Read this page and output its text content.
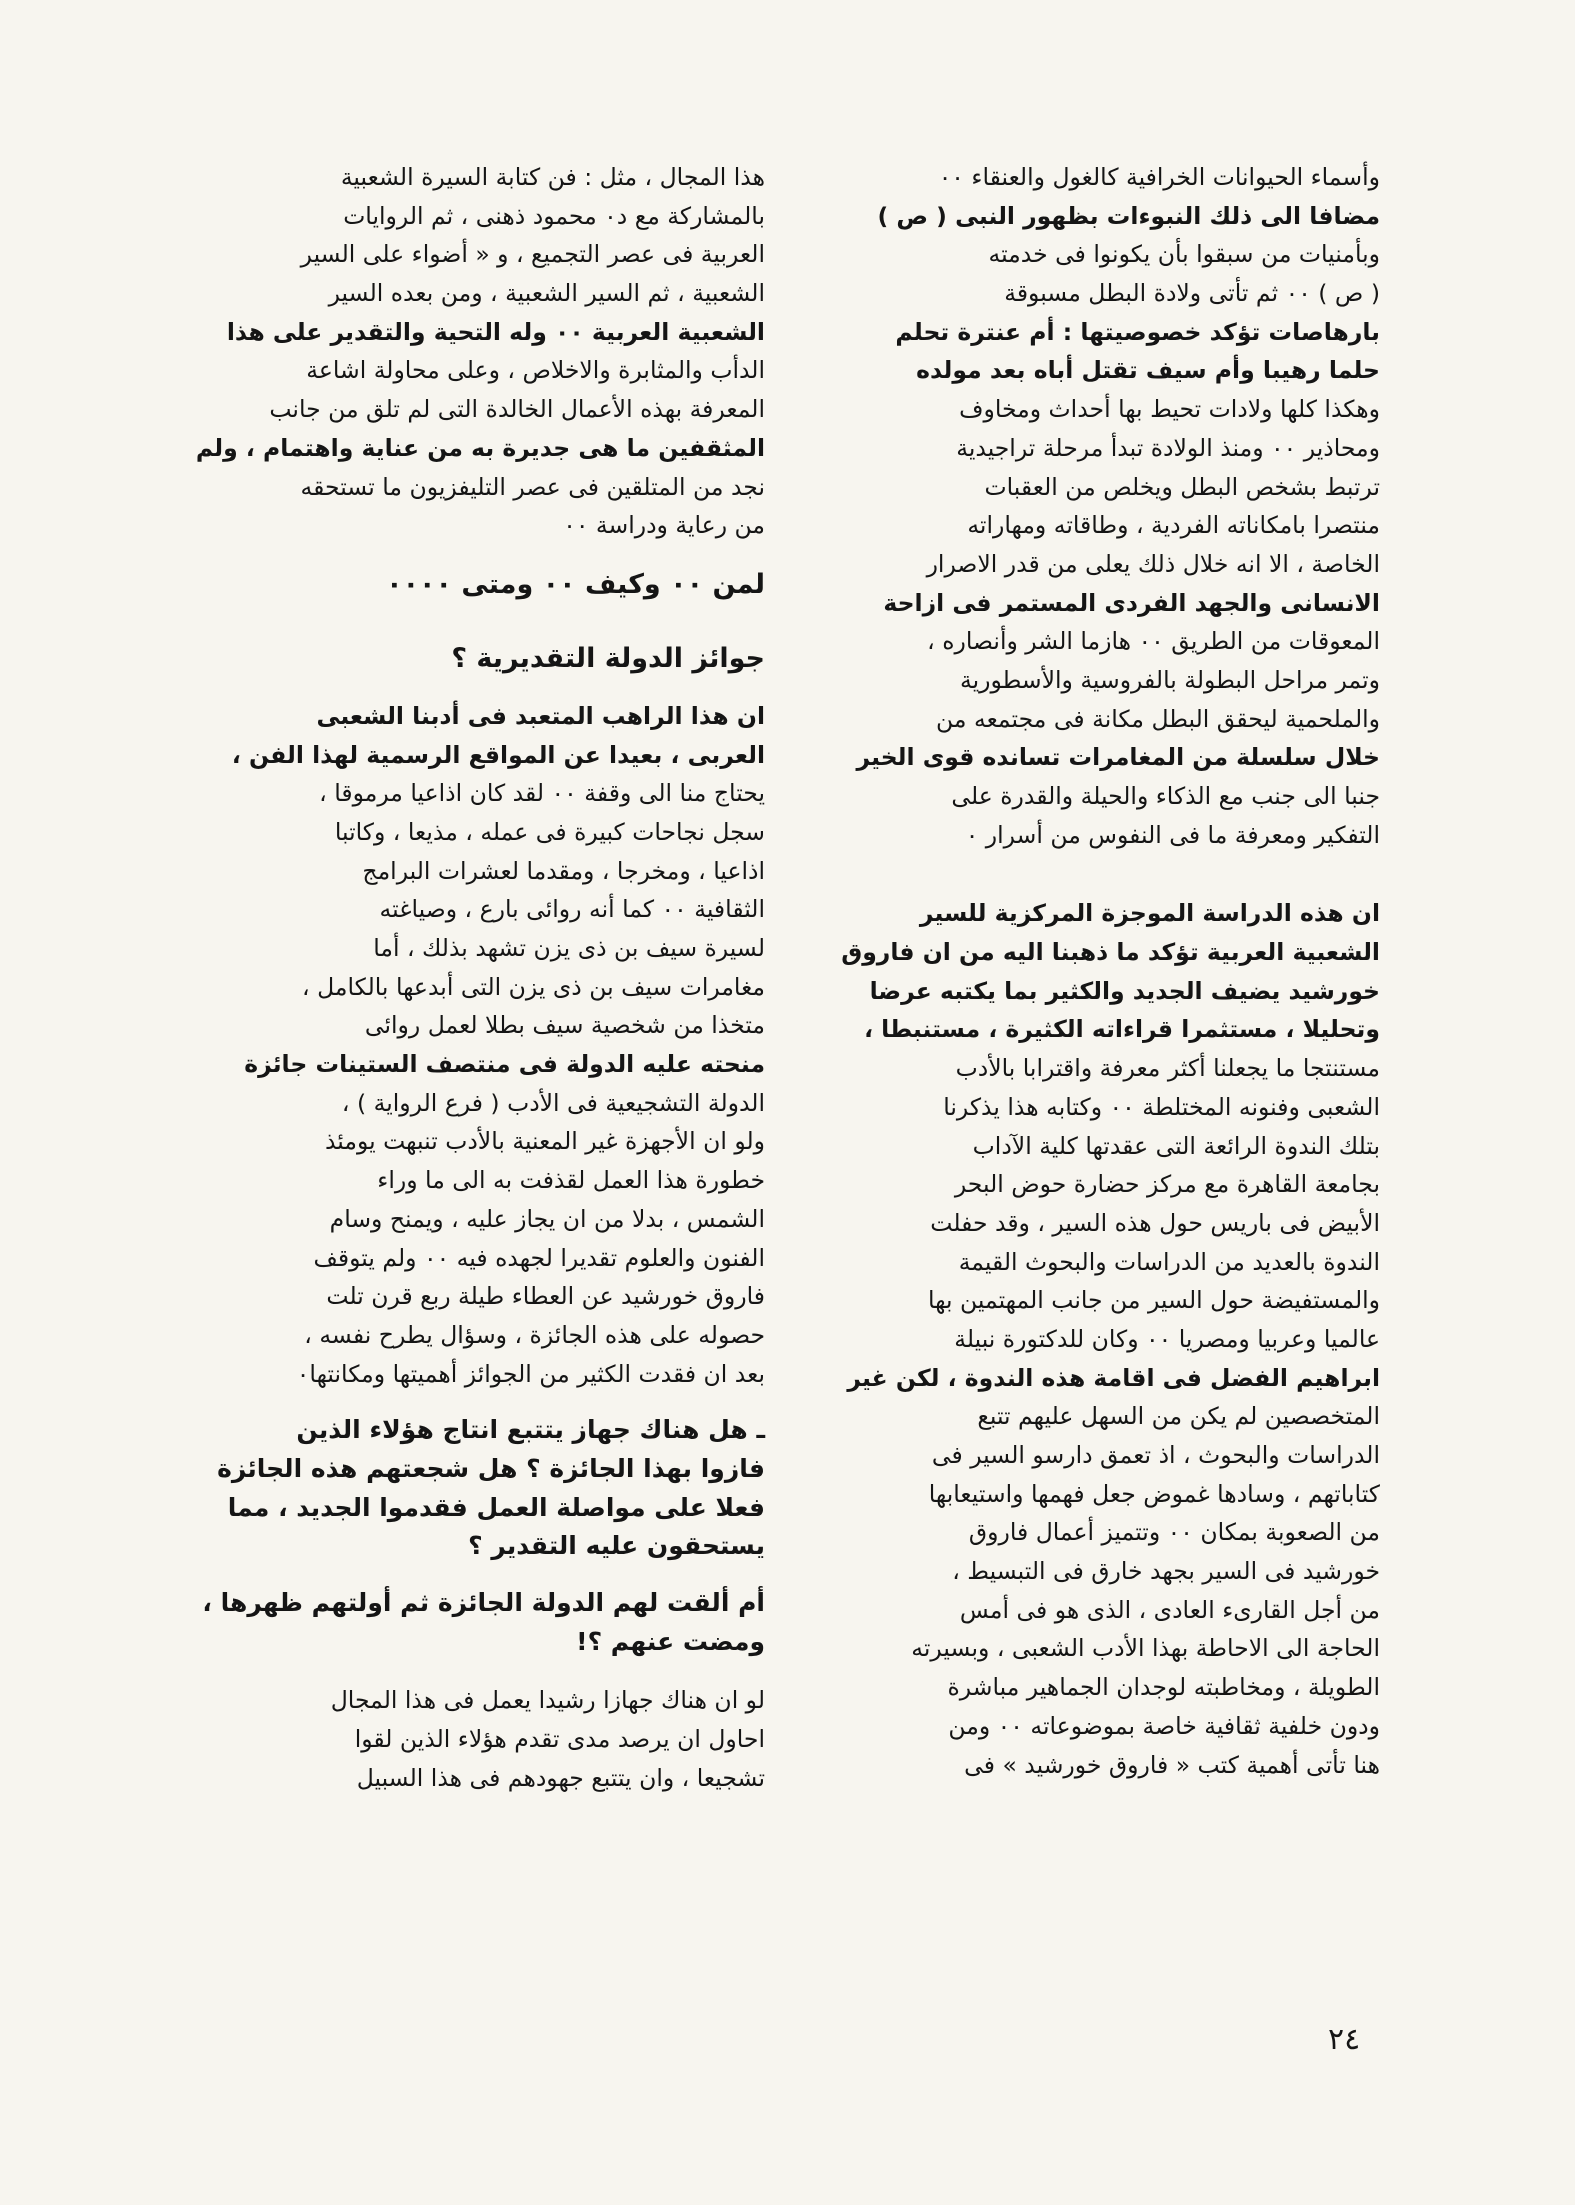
وأسماء الحيوانات الخرافية كالغول والعنقاء ٠٠
مضافا الى ذلك النبوءات بظهور النبى ( ص )
وبأمنيات من سبقوا بأن يكونوا فى خدمته
( ص ) ٠٠ ثم تأتى ولادة البطل مسبوقة
بارهاصات تؤكد خصوصيتها : أم عنترة تحلم
حلما رهيبا وأم سيف تقتل أباه بعد مولده
وهكذا كلها ولادات تحيط بها أحداث ومخاوف
ومحاذير ٠٠ ومنذ الولادة تبدأ مرحلة تراجيدية
ترتبط بشخص البطل ويخلص من العقبات
منتصرا بامكاناته الفردية ، وطاقاته ومهاراته
الخاصة ، الا انه خلال ذلك يعلى من قدر الاصرار
الانسانى والجهد الفردى المستمر فى ازاحة
المعوقات من الطريق ٠٠ هازما الشر وأنصاره ،
وتمر مراحل البطولة بالفروسية والأسطورية
والملحمية ليحقق البطل مكانة فى مجتمعه من
خلال سلسلة من المغامرات تسانده قوى الخير
جنبا الى جنب مع الذكاء والحيلة والقدرة على
التفكير ومعرفة ما فى النفوس من أسرار ٠
ان هذه الدراسة الموجزة المركزية للسير
الشعبية العربية تؤكد ما ذهبنا اليه من ان فاروق
خورشيد يضيف الجديد والكثير بما يكتبه عرضا
وتحليلا ، مستثمرا قراءاته الكثيرة ، مستنبطا ،
مستنتجا ما يجعلنا أكثر معرفة واقترابا بالأدب
الشعبى وفنونه المختلطة ٠٠ وكتابه هذا يذكرنا
بتلك الندوة الرائعة التى عقدتها كلية الآداب
بجامعة القاهرة مع مركز حضارة حوض البحر
الأبيض فى باريس حول هذه السير ، وقد حفلت
الندوة بالعديد من الدراسات والبحوث القيمة
والمستفيضة حول السير من جانب المهتمين بها
عالميا وعربيا ومصريا ٠٠ وكان للدكتورة نبيلة
ابراهيم الفضل فى اقامة هذه الندوة ، لكن غير
المتخصصين لم يكن من السهل عليهم تتبع
الدراسات والبحوث ، اذ تعمق دارسو السير فى
كتاباتهم ، وسادها غموض جعل فهمها واستيعابها
من الصعوبة بمكان ٠٠ وتتميز أعمال فاروق
خورشيد فى السير بجهد خارق فى التبسيط ،
من أجل القارىء العادى ، الذى هو فى أمس
الحاجة الى الاحاطة بهذا الأدب الشعبى ، وبسيرته
الطويلة ، ومخاطبته لوجدان الجماهير مباشرة
ودون خلفية ثقافية خاصة بموضوعاته ٠٠ ومن
هنا تأتى أهمية كتب « فاروق خورشيد » فى
هذا المجال ، مثل : فن كتابة السيرة الشعبية
بالمشاركة مع د٠ محمود ذهنى ، ثم الروايات
العربية فى عصر التجميع ، و « أضواء على السير
الشعبية ، ثم السير الشعبية ، ومن بعده السير
الشعبية العربية ٠٠ وله التحية والتقدير على هذا
الدأب والمثابرة والاخلاص ، وعلى محاولة اشاعة
المعرفة بهذه الأعمال الخالدة التى لم تلق من جانب
المثقفين ما هى جديرة به من عناية واهتمام ، ولم
نجد من المتلقين فى عصر التليفزيون ما تستحقه
من رعاية ودراسة ٠٠
لمن ٠٠ وكيف ٠٠ ومتى ٠٠٠٠
جوائز الدولة التقديرية ؟
ان هذا الراهب المتعبد فى أدبنا الشعبى
العربى ، بعيدا عن المواقع الرسمية لهذا الفن ،
يحتاج منا الى وقفة ٠٠ لقد كان اذاعيا مرموقا ،
سجل نجاحات كبيرة فى عمله ، مذيعا ، وكاتبا
اذاعيا ، ومخرجا ، ومقدما لعشرات البرامج
الثقافية ٠٠ كما أنه روائى بارع ، وصياغته
لسيرة سيف بن ذى يزن تشهد بذلك ، أما
مغامرات سيف بن ذى يزن التى أبدعها بالكامل ،
متخذا من شخصية سيف بطلا لعمل روائى
منحته عليه الدولة فى منتصف الستينات جائزة
الدولة التشجيعية فى الأدب ( فرع الرواية ) ،
ولو ان الأجهزة غير المعنية بالأدب تنبهت يومئذ
خطورة هذا العمل لقذفت به الى ما وراء
الشمس ، بدلا من ان يجاز عليه ، ويمنح وسام
الفنون والعلوم تقديرا لجهده فيه ٠٠ ولم يتوقف
فاروق خورشيد عن العطاء طيلة ربع قرن تلت
حصوله على هذه الجائزة ، وسؤال يطرح نفسه ،
بعد ان فقدت الكثير من الجوائز أهميتها ومكانتها٠
ـ هل هناك جهاز يتتبع انتاج هؤلاء الذين
فازوا بهذا الجائزة ؟ هل شجعتهم هذه الجائزة
فعلا على مواصلة العمل فقدموا الجديد ، مما
يستحقون عليه التقدير ؟
أم ألقت لهم الدولة الجائزة ثم أولتهم ظهرها ،
ومضت عنهم ؟!
لو ان هناك جهازا رشيدا يعمل فى هذا المجال
احاول ان يرصد مدى تقدم هؤلاء الذين لقوا
تشجيعا ، وان يتتبع جهودهم فى هذا السبيل
٢٤
